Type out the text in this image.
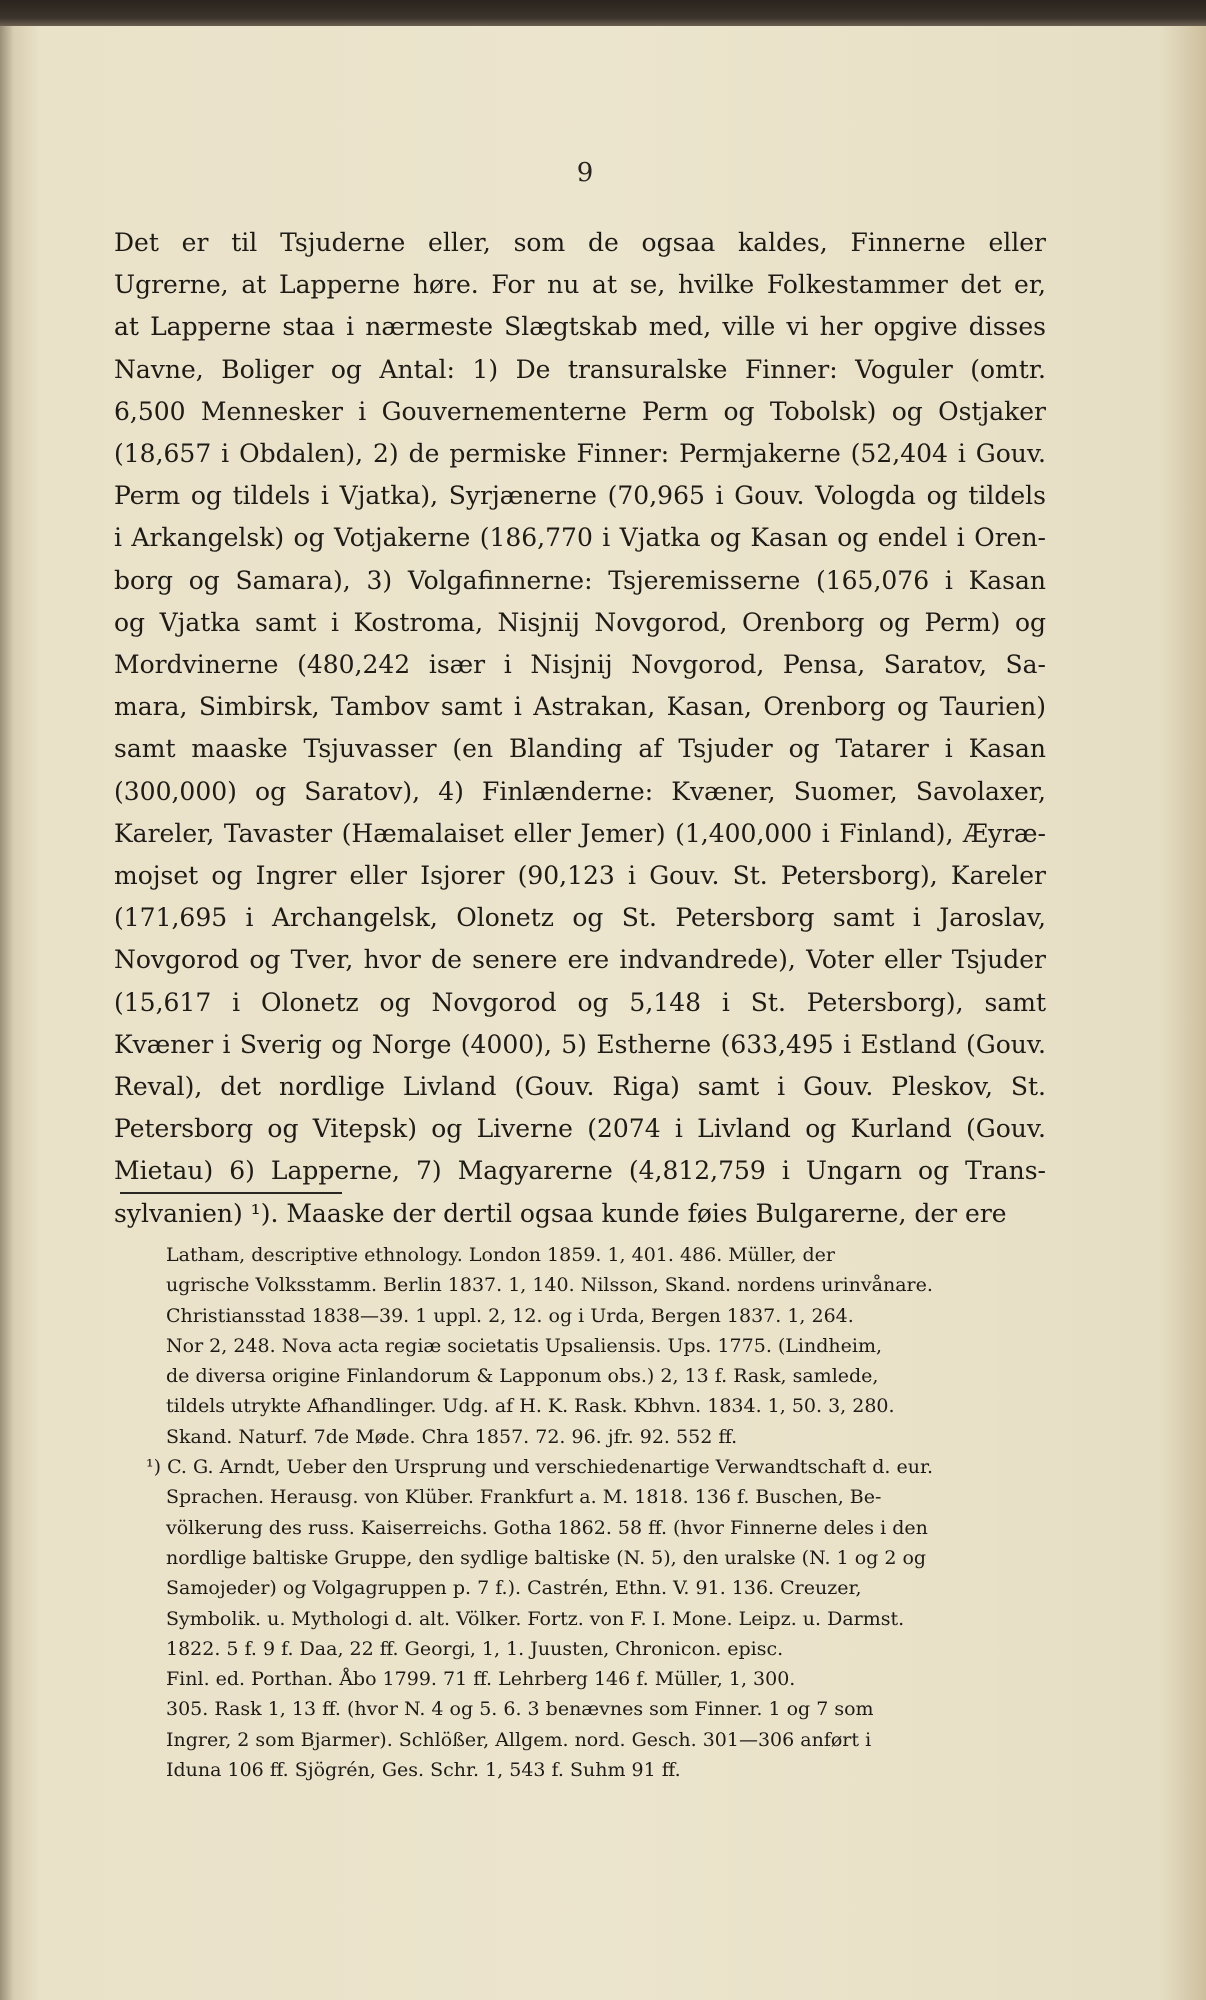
9
Det er til Tsjuderne eller, som de ogsaa kaldes, Finnerne eller
Ugrerne, at Lapperne høre. For nu at se, hvilke Folkestammer det er,
at Lapperne staa i nærmeste Slægtskab med, ville vi her opgive disses
Navne, Boliger og Antal: 1) De transuralske Finner: Voguler (omtr.
6,500 Mennesker i Gouvernementerne Perm og Tobolsk) og Ostjaker
(18,657 i Obdalen), 2) de permiske Finner: Permjakerne (52,404 i Gouv.
Perm og tildels i Vjatka), Syrjænerne (70,965 i Gouv. Vologda og tildels
i Arkangelsk) og Votjakerne (186,770 i Vjatka og Kasan og endel i Oren-
borg og Samara), 3) Volgafinnerne: Tsjeremisserne (165,076 i Kasan
og Vjatka samt i Kostroma, Nisjnij Novgorod, Orenborg og Perm) og
Mordvinerne (480,242 især i Nisjnij Novgorod, Pensa, Saratov, Sa-
mara, Simbirsk, Tambov samt i Astrakan, Kasan, Orenborg og Taurien)
samt maaske Tsjuvasser (en Blanding af Tsjuder og Tatarer i Kasan
(300,000) og Saratov), 4) Finlænderne: Kvæner, Suomer, Savolaxer,
Kareler, Tavaster (Hæmalaiset eller Jemer) (1,400,000 i Finland), Æyræ-
mojset og Ingrer eller Isjorer (90,123 i Gouv. St. Petersborg), Kareler
(171,695 i Archangelsk, Olonetz og St. Petersborg samt i Jaroslav,
Novgorod og Tver, hvor de senere ere indvandrede), Voter eller Tsjuder
(15,617 i Olonetz og Novgorod og 5,148 i St. Petersborg), samt
Kvæner i Sverig og Norge (4000), 5) Estherne (633,495 i Estland (Gouv.
Reval), det nordlige Livland (Gouv. Riga) samt i Gouv. Pleskov, St.
Petersborg og Vitepsk) og Liverne (2074 i Livland og Kurland (Gouv.
Mietau) 6) Lapperne, 7) Magyarerne (4,812,759 i Ungarn og Trans-
sylvanien) ¹). Maaske der dertil ogsaa kunde føies Bulgarerne, der ere
Latham, descriptive ethnology. London 1859. 1, 401. 486. Müller, der
ugrische Volksstamm. Berlin 1837. 1, 140. Nilsson, Skand. nordens urinvånare.
Christiansstad 1838—39. 1 uppl. 2, 12. og i Urda, Bergen 1837. 1, 264.
Nor 2, 248. Nova acta regiæ societatis Upsaliensis. Ups. 1775. (Lindheim,
de diversa origine Finlandorum & Lapponum obs.) 2, 13 f. Rask, samlede,
tildels utrykte Afhandlinger. Udg. af H. K. Rask. Kbhvn. 1834. 1, 50. 3, 280.
Skand. Naturf. 7de Møde. Chra 1857. 72. 96. jfr. 92. 552 ff.
¹) C. G. Arndt, Ueber den Ursprung und verschiedenartige Verwandtschaft d. eur.
Sprachen. Herausg. von Klüber. Frankfurt a. M. 1818. 136 f. Buschen, Be-
völkerung des russ. Kaiserreichs. Gotha 1862. 58 ff. (hvor Finnerne deles i den
nordlige baltiske Gruppe, den sydlige baltiske (N. 5), den uralske (N. 1 og 2 og
Samojeder) og Volgagruppen p. 7 f.). Castrén, Ethn. V. 91. 136. Creuzer,
Symbolik. u. Mythologi d. alt. Völker. Fortz. von F. I. Mone. Leipz. u. Darmst.
1822. 5 f. 9 f. Daa, 22 ff. Georgi, 1, 1. Juusten, Chronicon. episc.
Finl. ed. Porthan. Åbo 1799. 71 ff. Lehrberg 146 f. Müller, 1, 300.
305. Rask 1, 13 ff. (hvor N. 4 og 5. 6. 3 benævnes som Finner. 1 og 7 som
Ingrer, 2 som Bjarmer). Schlößer, Allgem. nord. Gesch. 301—306 anført i
Iduna 106 ff. Sjögrén, Ges. Schr. 1, 543 f. Suhm 91 ff.
